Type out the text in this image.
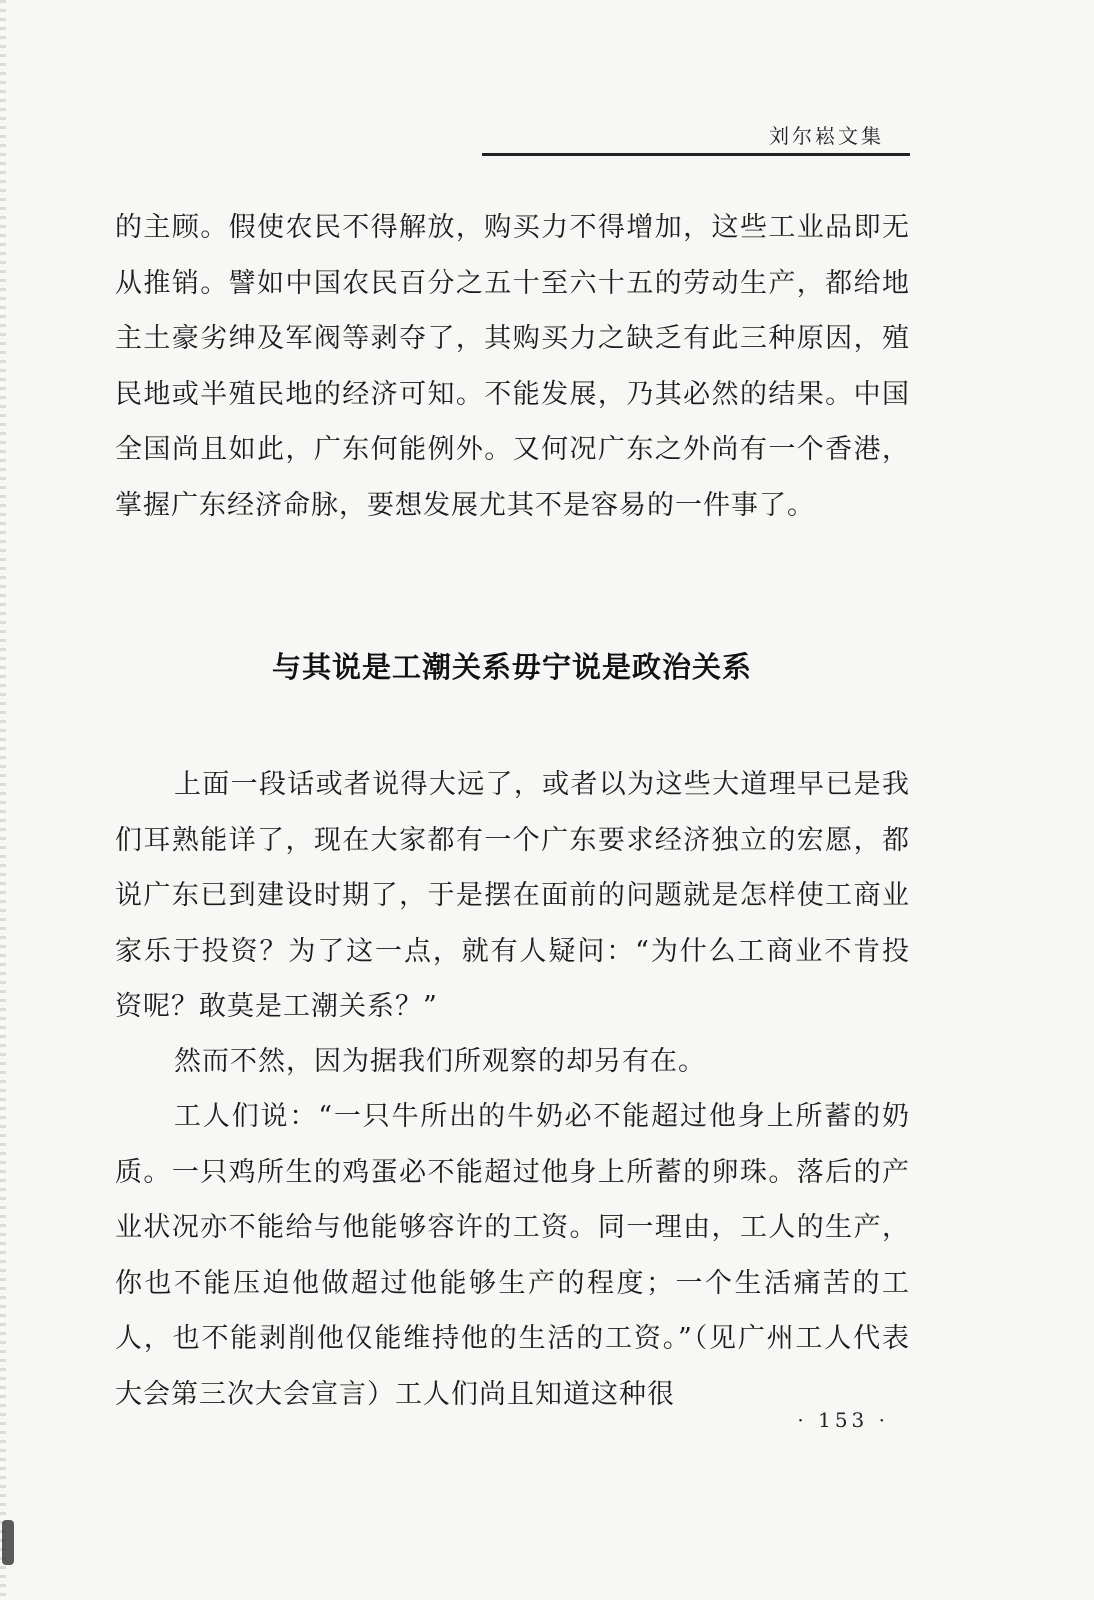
刘尔崧文集

的主顾。假使农民不得解放，购买力不得增加，这些工业品即无从推销。譬如中国农民百分之五十至六十五的劳动生产，都给地主土豪劣绅及军阀等剥夺了，其购买力之缺乏有此三种原因，殖民地或半殖民地的经济可知。不能发展，乃其必然的结果。中国全国尚且如此，广东何能例外。又何况广东之外尚有一个香港，掌握广东经济命脉，要想发展尤其不是容易的一件事了。

与其说是工潮关系毋宁说是政治关系

上面一段话或者说得大远了，或者以为这些大道理早已是我们耳熟能详了，现在大家都有一个广东要求经济独立的宏愿，都说广东已到建设时期了，于是摆在面前的问题就是怎样使工商业家乐于投资？为了这一点，就有人疑问：“为什么工商业不肯投资呢？敢莫是工潮关系？”

然而不然，因为据我们所观察的却另有在。

工人们说：“一只牛所出的牛奶必不能超过他身上所蓄的奶质。一只鸡所生的鸡蛋必不能超过他身上所蓄的卵珠。落后的产业状况亦不能给与他能够容许的工资。同一理由，工人的生产，你也不能压迫他做超过他能够生产的程度；一个生活痛苦的工人，也不能剥削他仅能维持他的生活的工资。”（见广州工人代表大会第三次大会宣言）工人们尚且知道这种很

· 153 ·
